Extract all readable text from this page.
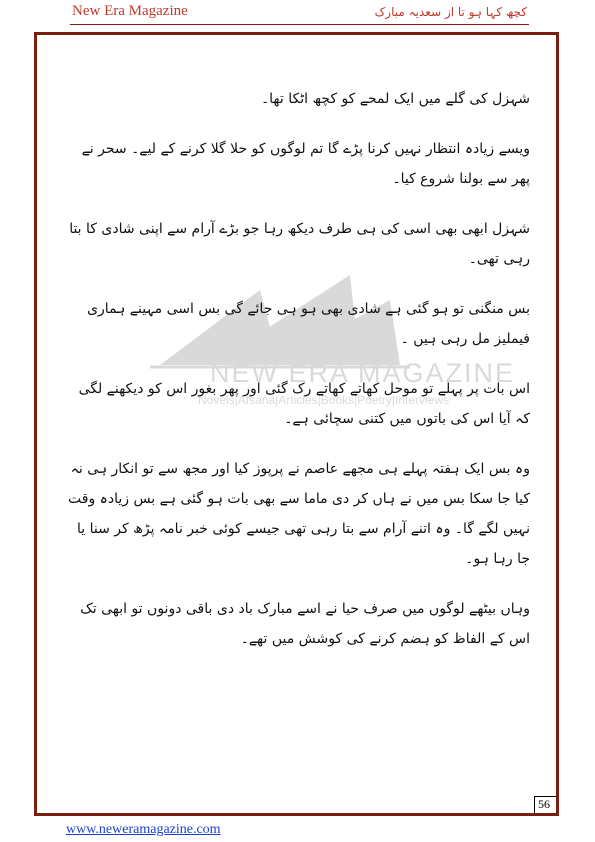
New Era Magazine	کچھ کہا ہو تا از سعدیہ مبارک
NEW ERA MAGAZINE
Novels|Afsana|Articles|Books|Poetry|Interviews

شہزل کی گلے میں ایک لمحے کو کچھ اٹکا تھا۔

ویسے زیادہ انتظار نہیں کرنا پڑے گا تم لوگوں کو حلا گلا کرنے کے لیے۔ سحر نے پھر سے بولنا شروع کیا۔

شہزل ابھی بھی اسی کی ہی طرف دیکھ رہا جو بڑے آرام سے اپنی شادی کا بتا رہی تھی۔

بس منگنی تو ہو گئی ہے شادی بھی ہو ہی جائے گی بس اسی مہینے ہماری فیملیز مل رہی ہیں ۔

اس بات پر پہلے تو موحل کھاتے کھاتے رک گئی اور پھر بغور اس کو دیکھنے لگی کہ آیا اس کی باتوں میں کتنی سچائی ہے۔

وہ بس ایک ہفتہ پہلے ہی مجھے عاصم نے پرپوز کیا اور مجھ سے تو انکار ہی نہ کیا جا سکا بس میں نے ہاں کر دی ماما سے بھی بات ہو گئی ہے بس زیادہ وقت نہیں لگے گا۔ وہ اتنے آرام سے بتا رہی تھی جیسے کوئی خبر نامہ پڑھ کر سنا یا جا رہا ہو۔

وہاں بیٹھے لوگوں میں صرف حیا نے اسے مبارک باد دی باقی دونوں تو ابھی تک اس کے الفاظ کو ہضم کرنے کی کوشش میں تھے۔

56
www.neweramagazine.com
